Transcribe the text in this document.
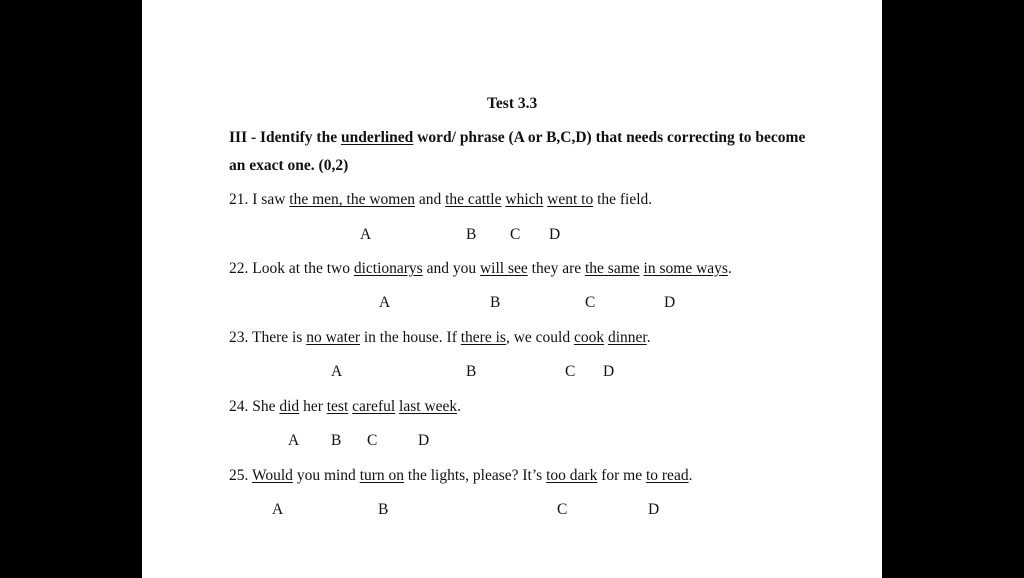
Test 3.3
III - Identify the underlined word/ phrase (A or B,C,D) that needs correcting to become
an exact one. (0,2)
21. I saw the men, the women and the cattle which went to the field.
A	B C D
22. Look at the two dictionarys and you will see they are the same in some ways.
A	B	C	D
23. There is no water in the house. If there is, we could cook dinner.
A	B	C D
24. She did her test careful last week.
A B C	D
25. Would you mind turn on the lights, please? It’s too dark for me to read.
A	B	C	D
